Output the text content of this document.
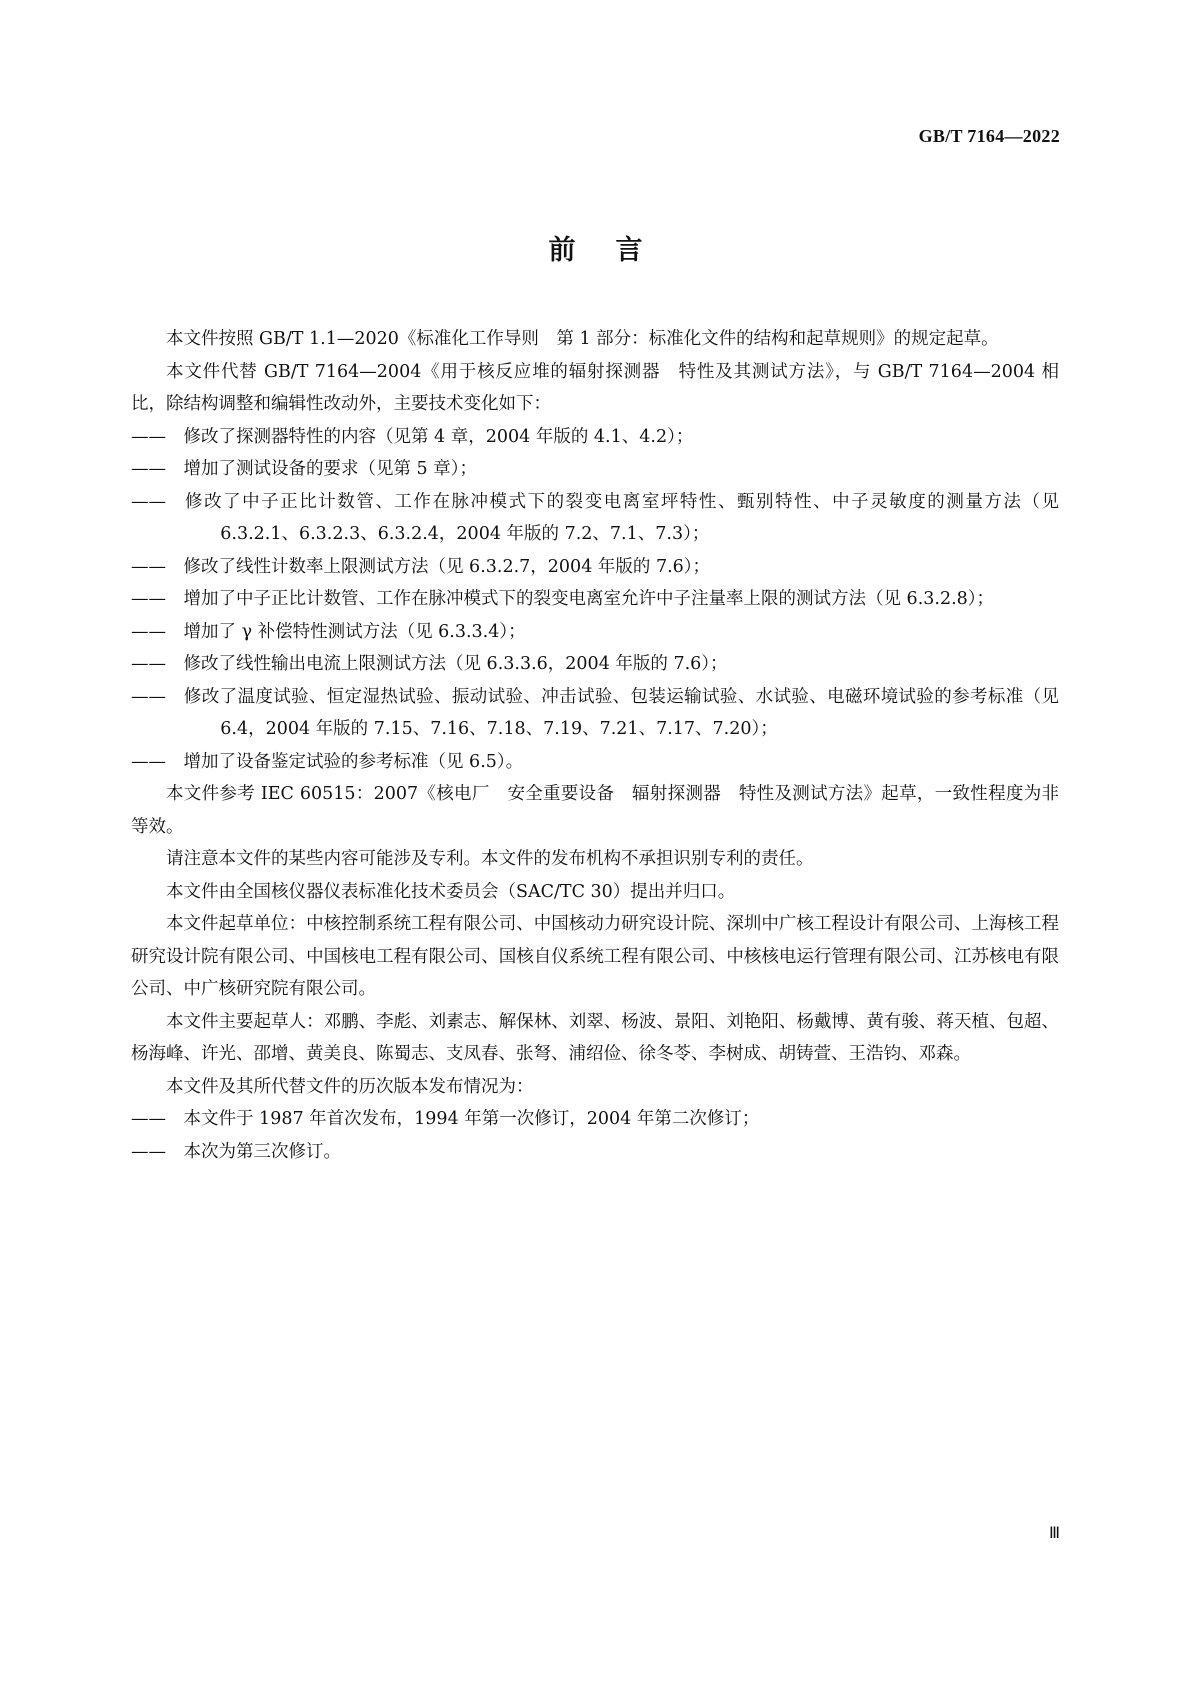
GB/T 7164—2022
前言

本文件按照 GB/T 1.1—2020《标准化工作导则　第 1 部分：标准化文件的结构和起草规则》的规定起草。

本文件代替 GB/T 7164—2004《用于核反应堆的辐射探测器　特性及其测试方法》，与 GB/T 7164—2004 相比，除结构调整和编辑性改动外，主要技术变化如下：

—— 修改了探测器特性的内容（见第 4 章，2004 年版的 4.1、4.2）；
—— 增加了测试设备的要求（见第 5 章）；
—— 修改了中子正比计数管、工作在脉冲模式下的裂变电离室坪特性、甄别特性、中子灵敏度的测量方法（见 6.3.2.1、6.3.2.3、6.3.2.4，2004 年版的 7.2、7.1、7.3）；
—— 修改了线性计数率上限测试方法（见 6.3.2.7，2004 年版的 7.6）；
—— 增加了中子正比计数管、工作在脉冲模式下的裂变电离室允许中子注量率上限的测试方法（见 6.3.2.8）；
—— 增加了 γ 补偿特性测试方法（见 6.3.3.4）；
—— 修改了线性输出电流上限测试方法（见 6.3.3.6，2004 年版的 7.6）；
—— 修改了温度试验、恒定湿热试验、振动试验、冲击试验、包装运输试验、水试验、电磁环境试验的参考标准（见 6.4，2004 年版的 7.15、7.16、7.18、7.19、7.21、7.17、7.20）；
—— 增加了设备鉴定试验的参考标准（见 6.5）。

本文件参考 IEC 60515：2007《核电厂　安全重要设备　辐射探测器　特性及测试方法》起草，一致性程度为非等效。

请注意本文件的某些内容可能涉及专利。本文件的发布机构不承担识别专利的责任。

本文件由全国核仪器仪表标准化技术委员会（SAC/TC 30）提出并归口。

本文件起草单位：中核控制系统工程有限公司、中国核动力研究设计院、深圳中广核工程设计有限公司、上海核工程研究设计院有限公司、中国核电工程有限公司、国核自仪系统工程有限公司、中核核电运行管理有限公司、江苏核电有限公司、中广核研究院有限公司。

本文件主要起草人：邓鹏、李彪、刘素志、解保林、刘翠、杨波、景阳、刘艳阳、杨戴博、黄有骏、蒋天植、包超、杨海峰、许光、邵增、黄美良、陈蜀志、支凤春、张弩、浦绍俭、徐冬苓、李树成、胡铸萱、王浩钧、邓森。

本文件及其所代替文件的历次版本发布情况为：

—— 本文件于 1987 年首次发布，1994 年第一次修订，2004 年第二次修订；
—— 本次为第三次修订。
Ⅲ
